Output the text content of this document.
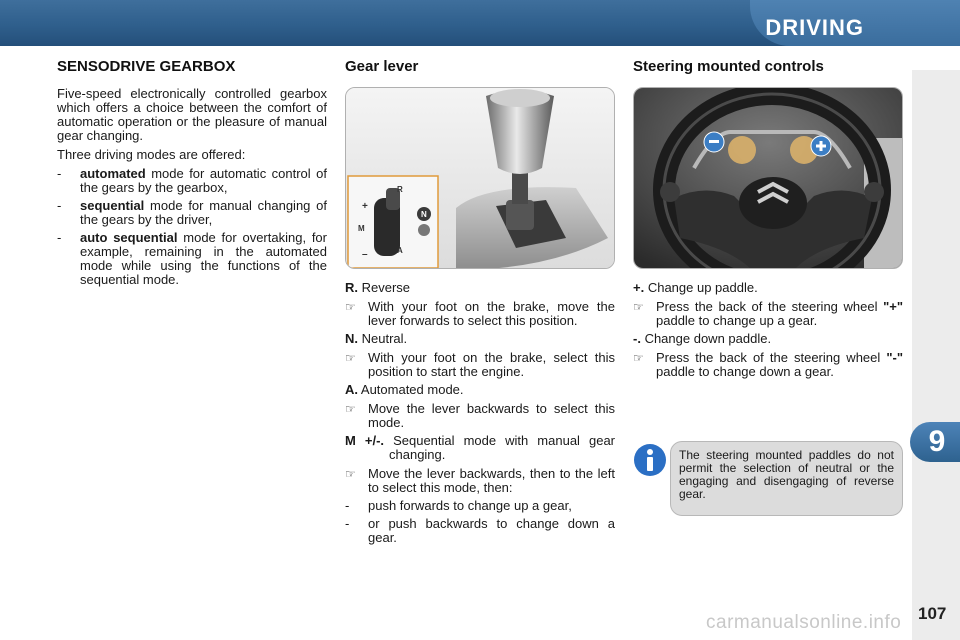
DRIVING
9
107
SENSODRIVE GEARBOX

Five-speed electronically controlled gearbox which offers a choice between the comfort of automatic operation or the pleasure of manual gear changing.

Three driving modes are offered:

- automated mode for automatic control of the gears by the gearbox,
- sequential mode for manual changing of the gears by the driver,
- auto sequential mode for overtaking, for example, remaining in the automated mode while using the functions of the sequential mode.
Gear lever
R
N
A
M
+
–

R. Reverse

☞ With your foot on the brake, move the lever forwards to select this position.

N. Neutral.

☞ With your foot on the brake, select this position to start the engine.

A. Automated mode.

☞ Move the lever backwards to select this mode.

M +/-. Sequential mode with manual gear changing.

☞ Move the lever backwards, then to the left to select this mode, then:
- push forwards to change up a gear,
- or push backwards to change down a gear.
Steering mounted controls

+. Change up paddle.

☞ Press the back of the steering wheel "+" paddle to change up a gear.

-. Change down paddle.

☞ Press the back of the steering wheel "-" paddle to change down a gear.
The steering mounted paddles do not permit the selection of neutral or the engaging and disengaging of reverse gear.
carmanualsonline.info
